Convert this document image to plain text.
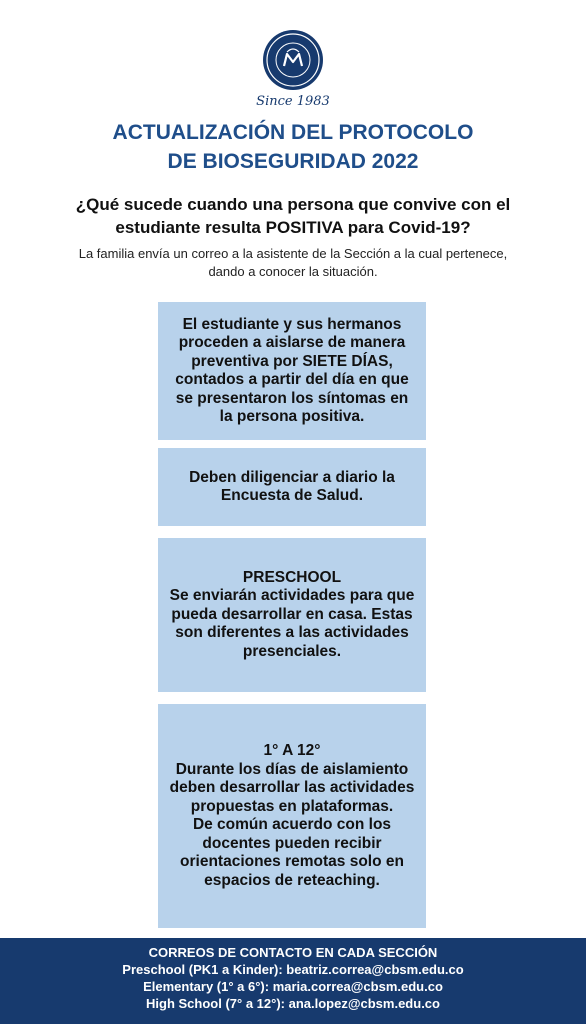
Since 1983
ACTUALIZACIÓN DEL PROTOCOLO
DE BIOSEGURIDAD 2022
¿Qué sucede cuando una persona que convive con el estudiante resulta POSITIVA para Covid-19?
La familia envía un correo a la asistente de la Sección a la cual pertenece, dando a conocer la situación.

El estudiante y sus hermanos proceden a aislarse de manera preventiva por SIETE DÍAS, contados a partir del día en que se presentaron los síntomas en la persona positiva.

Deben diligenciar a diario la Encuesta de Salud.

PRESCHOOL

Se enviarán actividades para que pueda desarrollar en casa. Estas son diferentes a las actividades presenciales.

1° A 12°

Durante los días de aislamiento deben desarrollar las actividades propuestas en plataformas.

De común acuerdo con los docentes pueden recibir orientaciones remotas solo en espacios de reteaching.

CORREOS DE CONTACTO EN CADA SECCIÓN
Preschool (PK1 a Kinder): beatriz.correa@cbsm.edu.co
Elementary (1° a 6°): maria.correa@cbsm.edu.co
High School (7° a 12°): ana.lopez@cbsm.edu.co
